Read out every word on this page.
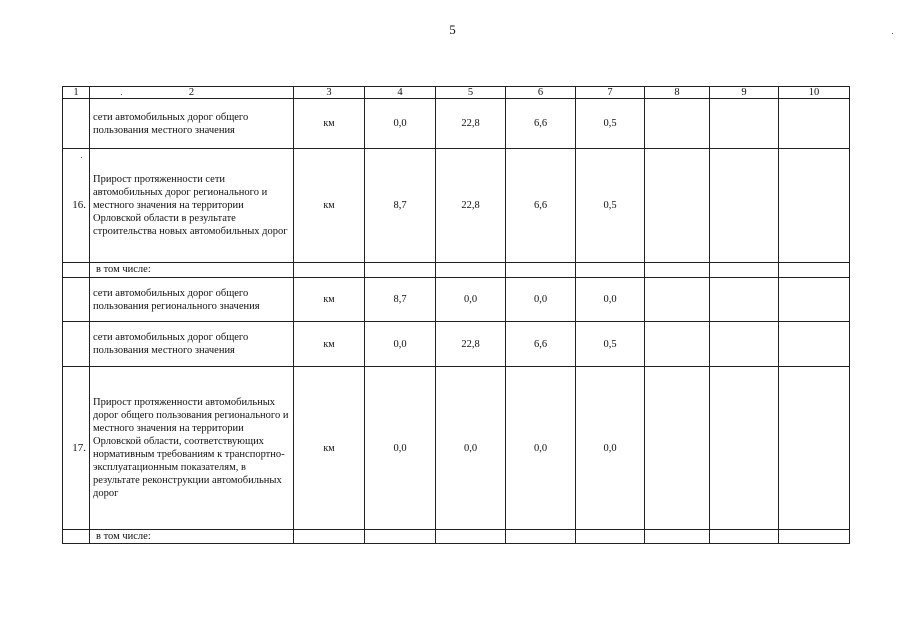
5
1	2	3	4	5	6	7	8	9	10
	сети автомобильных дорог общего пользования местного значения	км	0,0	22,8	6,6	0,5			
16.	Прирост протяженности сети автомобильных дорог регионального и местного значения на территории Орловской области в результате строительства новых автомобильных дорог	км	8,7	22,8	6,6	0,5			
	в том числе:								
	сети автомобильных дорог общего пользования регионального значения	км	8,7	0,0	0,0	0,0			
	сети автомобильных дорог общего пользования местного значения	км	0,0	22,8	6,6	0,5			
17.	Прирост протяженности автомобильных дорог общего пользования регионального и местного значения на территории Орловской области, соответствующих нормативным требованиям к транспортно-эксплуатационным показателям, в результате реконструкции автомобильных дорог	км	0,0	0,0	0,0	0,0			
	в том числе:								
